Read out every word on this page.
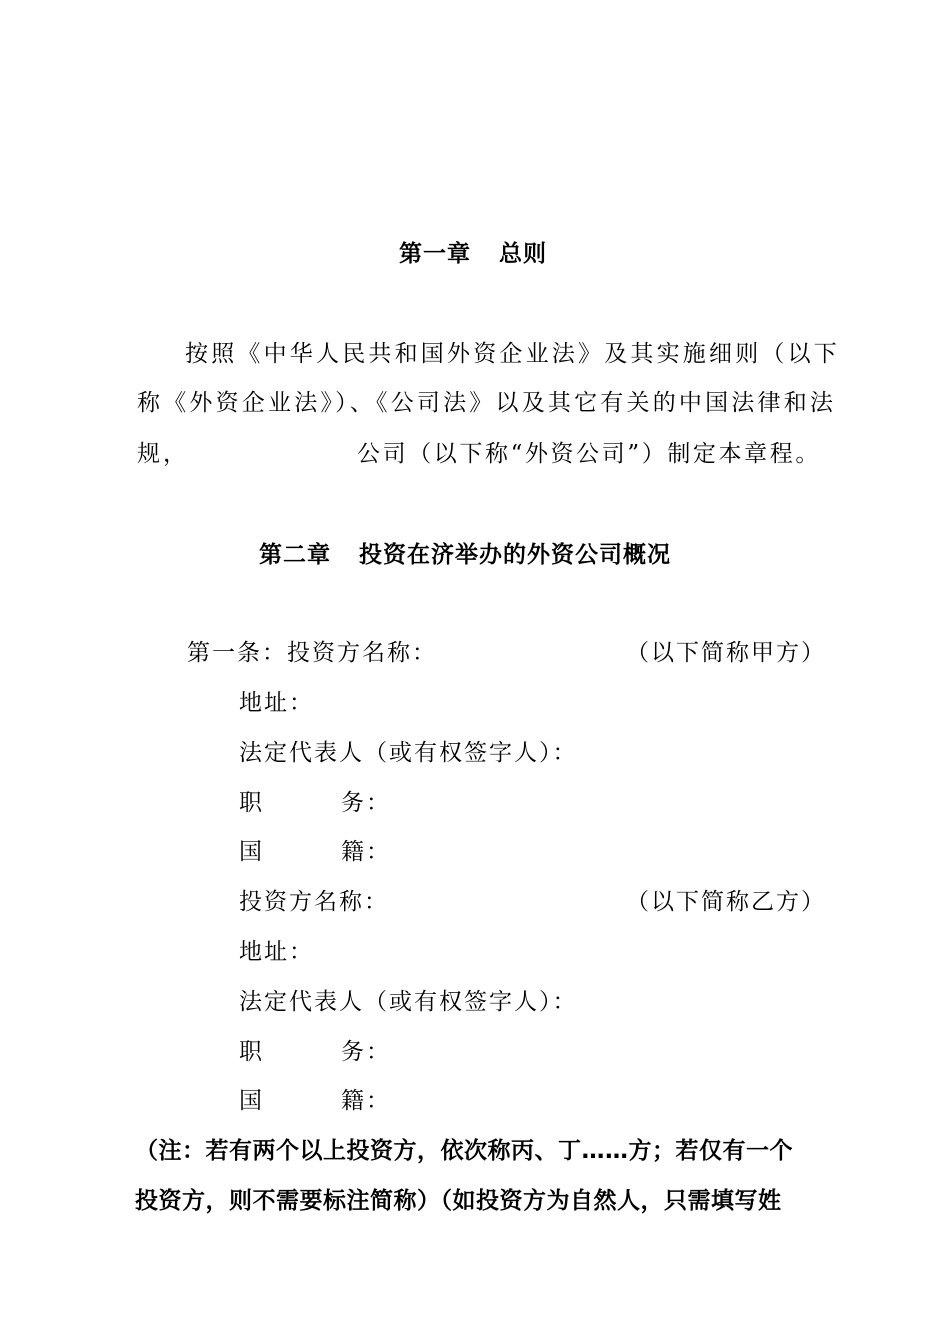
第一章 总则
按照《中华人民共和国外资企业法》及其实施细则（以下
称《外资企业法》）、《公司法》以及其它有关的中国法律和法
规，	公司（以下称“外资公司”）制定本章程。
第二章 投资在济举办的外资公司概况
第一条：投资方名称：	（以下简称甲方）
地址：
法定代表人（或有权签字人）：
职	务：
国	籍：
投资方名称：	（以下简称乙方）
地址：
法定代表人（或有权签字人）：
职	务：
国	籍：
（注：若有两个以上投资方，依次称丙、丁……方；若仅有一个
投资方，则不需要标注简称）（如投资方为自然人，只需填写姓
